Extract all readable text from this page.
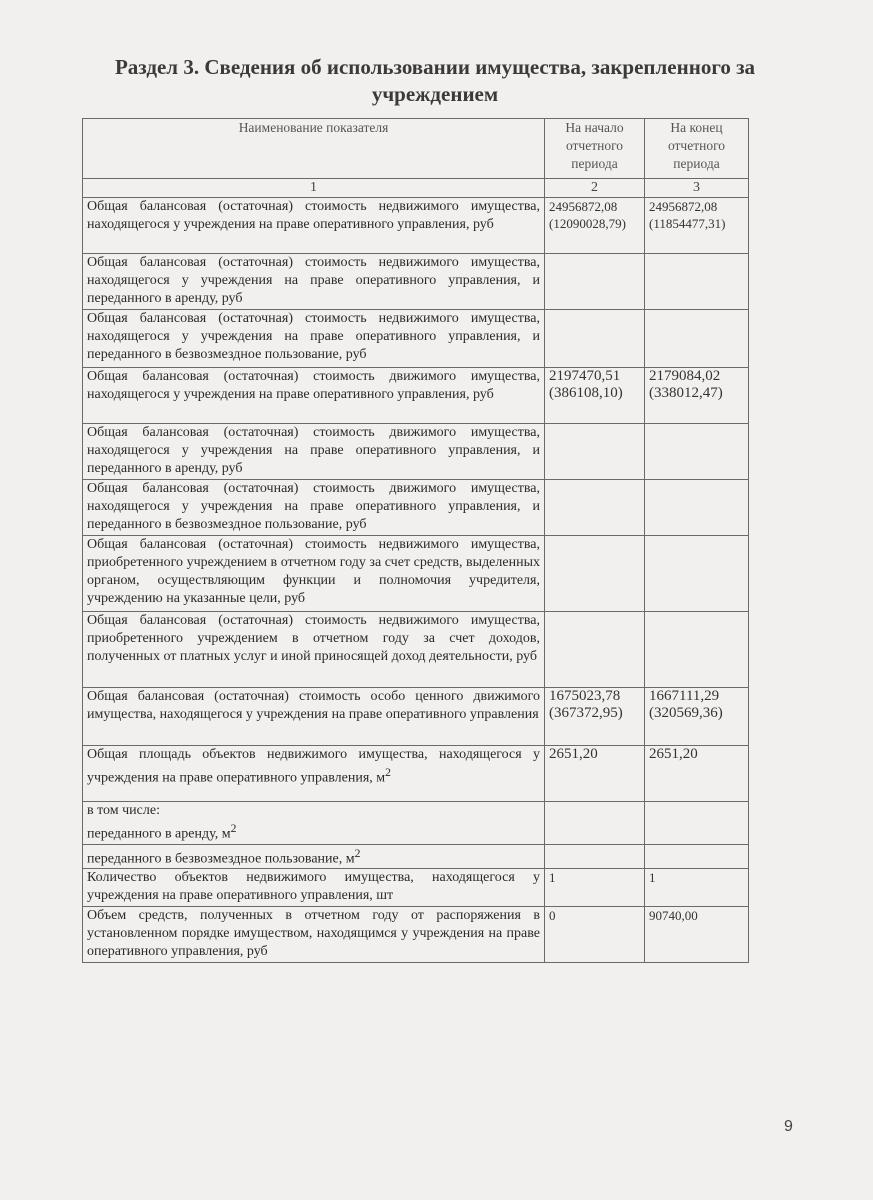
Раздел 3. Сведения об использовании имущества, закрепленного за учреждением
Наименование показателя	На начало отчетного периода	На конец отчетного периода
1	2	3
Общая балансовая (остаточная) стоимость недвижимого имущества, находящегося у учреждения на праве оперативного управления, руб	24956872,08 (12090028,79)	24956872,08 (11854477,31)
Общая балансовая (остаточная) стоимость недвижимого имущества, находящегося у учреждения на праве оперативного управления, и переданного в аренду, руб		
Общая балансовая (остаточная) стоимость недвижимого имущества, находящегося у учреждения на праве оперативного управления, и переданного в безвозмездное пользование, руб		
Общая балансовая (остаточная) стоимость движимого имущества, находящегося у учреждения на праве оперативного управления, руб	2197470,51 (386108,10)	2179084,02 (338012,47)
Общая балансовая (остаточная) стоимость движимого имущества, находящегося у учреждения на праве оперативного управления, и переданного в аренду, руб		
Общая балансовая (остаточная) стоимость движимого имущества, находящегося у учреждения на праве оперативного управления, и переданного в безвозмездное пользование, руб		
Общая балансовая (остаточная) стоимость недвижимого имущества, приобретенного учреждением в отчетном году за счет средств, выделенных органом, осуществляющим функции и полномочия учредителя, учреждению на указанные цели, руб		
Общая балансовая (остаточная) стоимость недвижимого имущества, приобретенного учреждением в отчетном году за счет доходов, полученных от платных услуг и иной приносящей доход деятельности, руб		
Общая балансовая (остаточная) стоимость особо ценного движимого имущества, находящегося у учреждения на праве оперативного управления	1675023,78 (367372,95)	1667111,29 (320569,36)
Общая площадь объектов недвижимого имущества, находящегося у учреждения на праве оперативного управления, $м^2$	2651,20	2651,20

в том числе:
переданного в аренду, $м^2$		
переданного в безвозмездное пользование, $м^2$		
Количество объектов недвижимого имущества, находящегося у учреждения на праве оперативного управления, шт	1	1
Объем средств, полученных в отчетном году от распоряжения в установленном порядке имуществом, находящимся у учреждения на праве оперативного управления, руб	0	90740,00
9
